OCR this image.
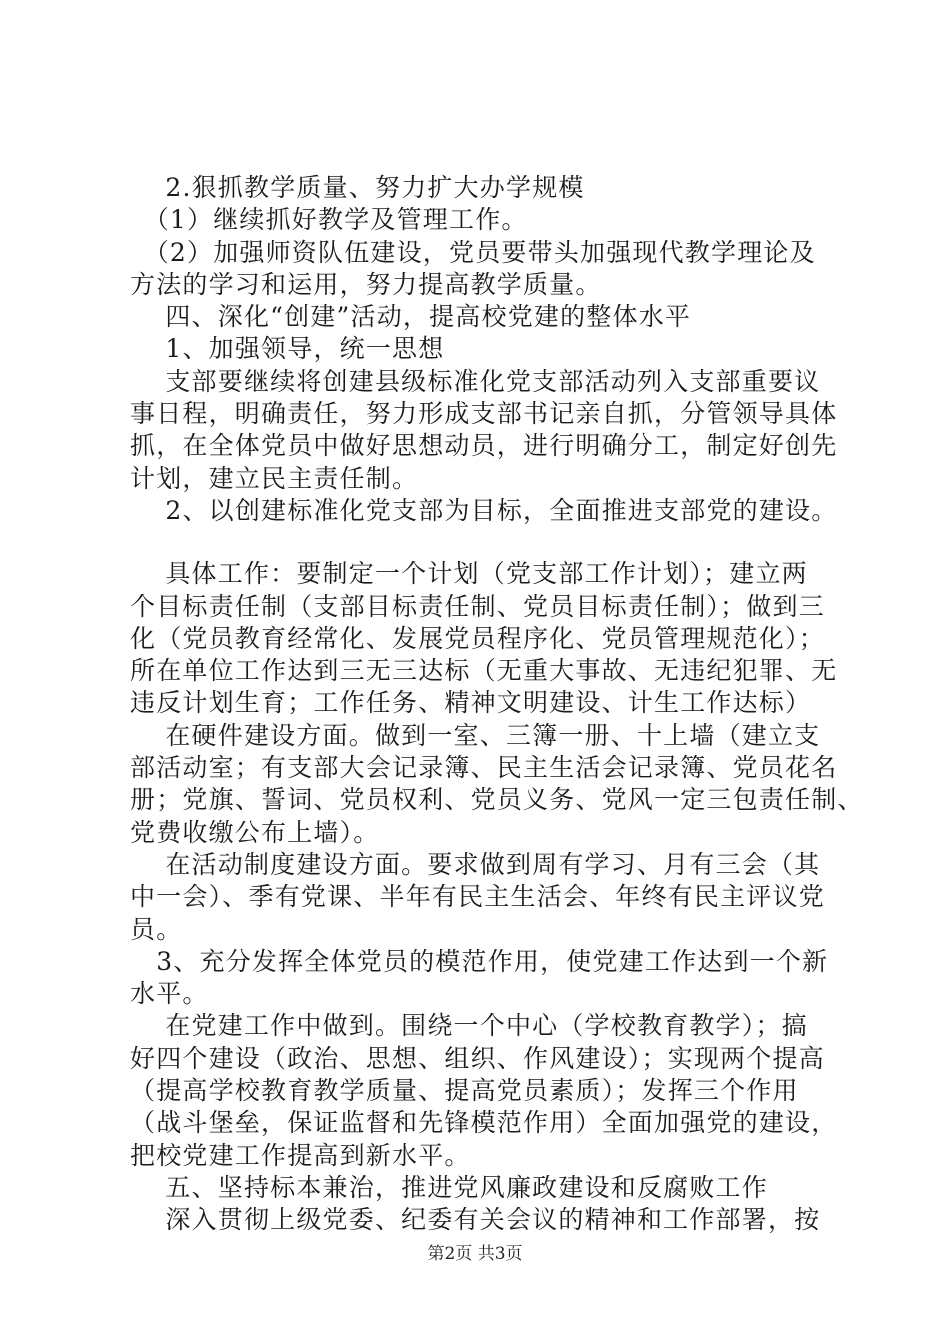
　 2.狠抓教学质量、努力扩大办学规模
　（1）继续抓好教学及管理工作。
　（2）加强师资队伍建设，党员要带头加强现代教学理论及
方法的学习和运用，努力提高教学质量。
　 四、深化“创建”活动，提高校党建的整体水平
　 1、加强领导，统一思想
　 支部要继续将创建县级标准化党支部活动列入支部重要议
事日程，明确责任，努力形成支部书记亲自抓，分管领导具体
抓，在全体党员中做好思想动员，进行明确分工，制定好创先
计划，建立民主责任制。
　 2、以创建标准化党支部为目标，全面推进支部党的建设。
　 具体工作：要制定一个计划（党支部工作计划）；建立两
个目标责任制（支部目标责任制、党员目标责任制）；做到三
化（党员教育经常化、发展党员程序化、党员管理规范化）；
所在单位工作达到三无三达标（无重大事故、无违纪犯罪、无
违反计划生育；工作任务、精神文明建设、计生工作达标）
　 在硬件建设方面。做到一室、三簿一册、十上墙（建立支
部活动室；有支部大会记录簿、民主生活会记录簿、党员花名
册；党旗、誓词、党员权利、党员义务、党风一定三包责任制、
党费收缴公布上墙）。
　 在活动制度建设方面。要求做到周有学习、月有三会（其
中一会）、季有党课、半年有民主生活会、年终有民主评议党
员。
　3、充分发挥全体党员的模范作用，使党建工作达到一个新
水平。
　 在党建工作中做到。围绕一个中心（学校教育教学）；搞
好四个建设（政治、思想、组织、作风建设）；实现两个提高
（提高学校教育教学质量、提高党员素质）；发挥三个作用
（战斗堡垒，保证监督和先锋模范作用）全面加强党的建设，
把校党建工作提高到新水平。
　 五、坚持标本兼治，推进党风廉政建设和反腐败工作
　 深入贯彻上级党委、纪委有关会议的精神和工作部署，按
第2页 共3页
